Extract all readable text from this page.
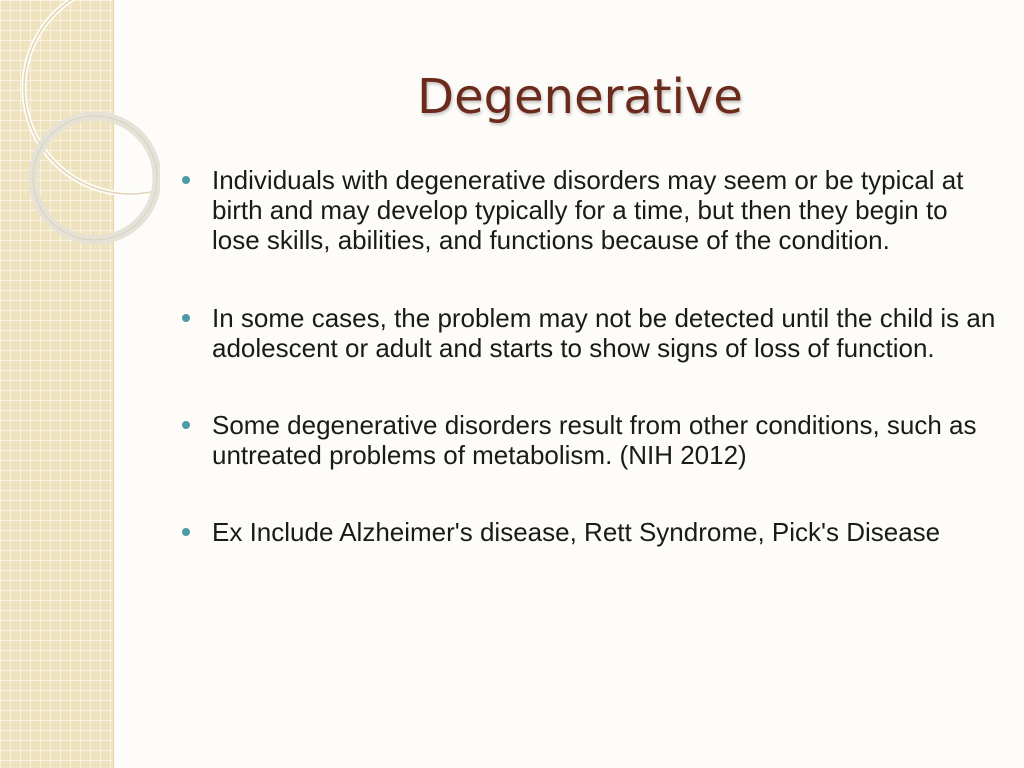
Degenerative
Individuals with degenerative disorders may seem or be typical at birth and may develop typically for a time, but then they begin to lose skills, abilities, and functions because of the condition.
In some cases, the problem may not be detected until the child is an adolescent or adult and starts to show signs of loss of function.
Some degenerative disorders result from other conditions, such as untreated problems of metabolism. (NIH 2012)
Ex Include Alzheimer's disease, Rett Syndrome, Pick's Disease
